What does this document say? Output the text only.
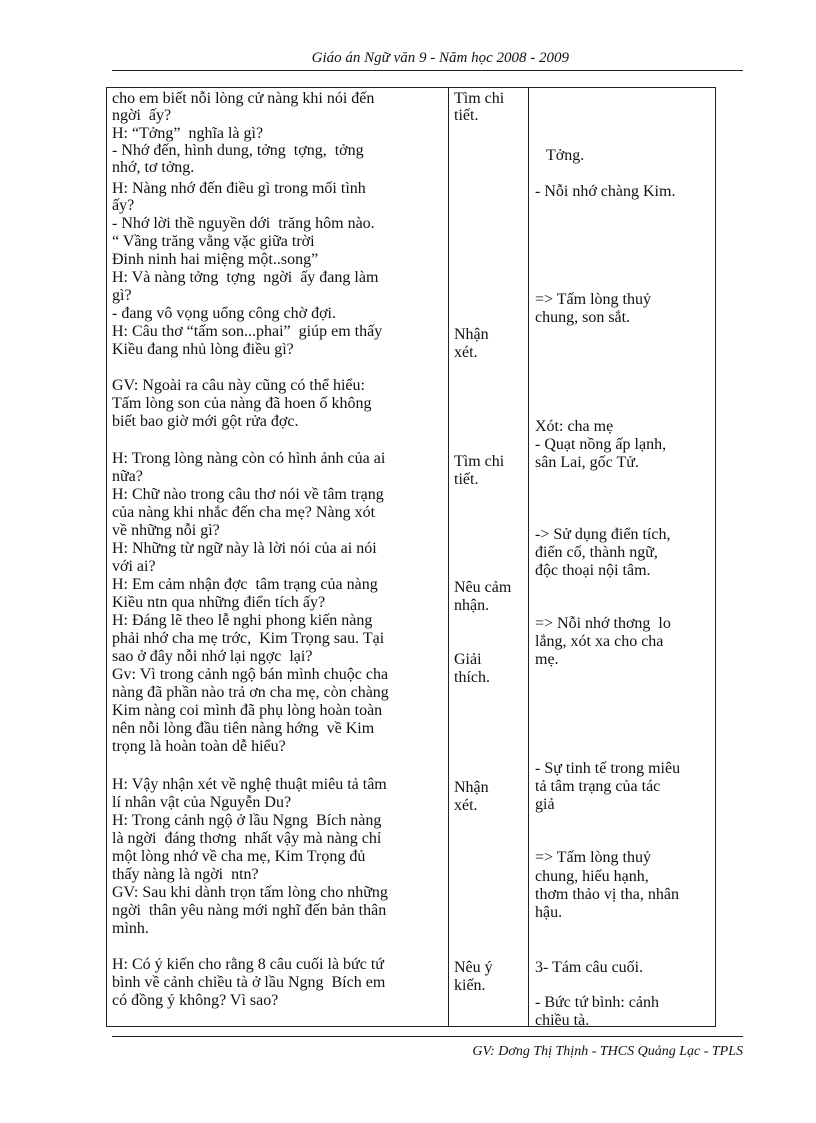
Giáo án Ngữ văn 9 - Năm học 2008 - 2009
cho em biết nỗi lòng cử nàng khi nói đến
ngời  ấy?
H: “Tởng”  nghĩa là gì?
- Nhớ đến, hình dung, tởng  tợng,  tởng
nhớ, tơ tởng.
H: Nàng nhớ đến điều gì trong mối tình
ấy?
- Nhớ lời thề nguyền dới  trăng hôm nào.
“ Vầng trăng vằng vặc giữa trời
Đinh ninh hai miệng một..song”
H: Và nàng tởng  tợng  ngời  ấy đang làm
gì?
- đang vô vọng uổng công chờ đợi.
H: Câu thơ “tấm son...phai”  giúp em thấy
Kiều đang nhủ lòng điều gì?
GV: Ngoài ra câu này cũng có thể hiểu:
Tấm lòng son của nàng đã hoen ố không
biết bao giờ mới gột rửa đợc.
H: Trong lòng nàng còn có hình ảnh của ai
nữa?
H: Chữ nào trong câu thơ nói về tâm trạng
của nàng khi nhắc đến cha mẹ? Nàng xót
về những nỗi gì?
H: Những từ ngữ này là lời nói của ai nói
với ai?
H: Em cảm nhận đợc  tâm trạng của nàng
Kiều ntn qua những điển tích ấy?
H: Đáng lẽ theo lễ nghi phong kiến nàng
phải nhớ cha mẹ trớc,  Kim Trọng sau. Tại
sao ở đây nỗi nhớ lại ngợc  lại?
Gv: Vì trong cảnh ngộ bán mình chuộc cha
nàng đã phần nào trả ơn cha mẹ, còn chàng
Kim nàng coi mình đã phụ lòng hoàn toàn
nên nỗi lòng đầu tiên nàng hớng  về Kim
trọng là hoàn toàn dễ hiểu?
H: Vậy nhận xét về nghệ thuật miêu tả tâm
lí nhân vật của Nguyễn Du?
H: Trong cảnh ngộ ở lầu Ngng  Bích nàng
là ngời  đáng thơng  nhất vậy mà nàng chỉ
một lòng nhớ về cha mẹ, Kim Trọng đủ
thấy nàng là ngời  ntn?
GV: Sau khi dành trọn tấm lòng cho những
ngời  thân yêu nàng mới nghĩ đến bản thân
mình.
H: Có ý kiến cho rằng 8 câu cuối là bức tứ
bình về cảnh chiều tà ở lầu Ngng  Bích em
có đồng ý không? Vì sao?
Tìm chi
tiết.
Nhận
xét.
Tìm chi
tiết.
Nêu cảm
nhận.
Giải
thích.
Nhận
xét.
Nêu ý
kiến.
Tởng.
- Nỗi nhớ chàng Kim.
=> Tấm lòng thuỷ
chung, son sắt.
Xót: cha mẹ
- Quạt nồng ấp lạnh,
sân Lai, gốc Tử.
-> Sử dụng điển tích,
điển cố, thành ngữ,
độc thoại nội tâm.
=> Nỗi nhớ thơng  lo
lắng, xót xa cho cha
mẹ.
- Sự tinh tế trong miêu
tả tâm trạng của tác
giả
=> Tấm lòng thuỷ
chung, hiếu hạnh,
thơm thảo vị tha, nhân
hậu.
3- Tám câu cuối.
- Bức tứ bình: cảnh
chiều tà.
GV: Dơng Thị Thịnh - THCS Quảng Lạc - TPLS
